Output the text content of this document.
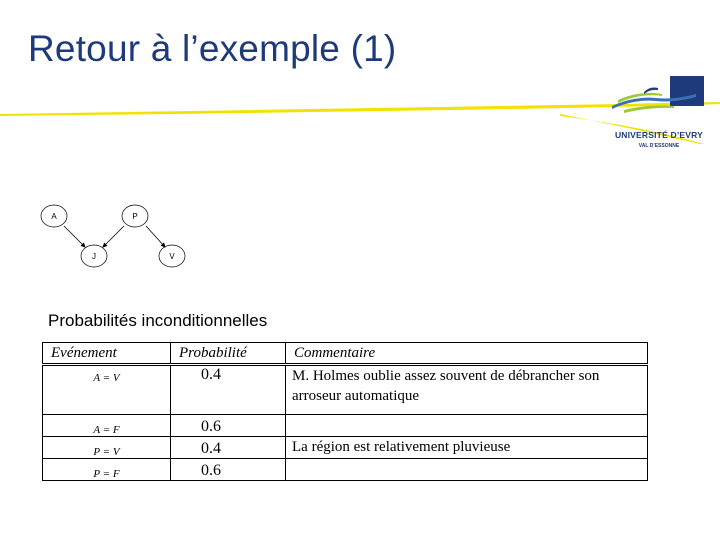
Retour à l’exemple (1)
UNIVERSITÉ D’EVRY
VAL D’ESSONNE
A	P
J	V

Probabilités inconditionnelles

Evénement	Probabilité	Commentaire
A = V	0.4	M. Holmes oublie assez souvent de débrancher son arroseur automatique
A = F	0.6	
P = V	0.4	La région est relativement pluvieuse
P = F	0.6	
